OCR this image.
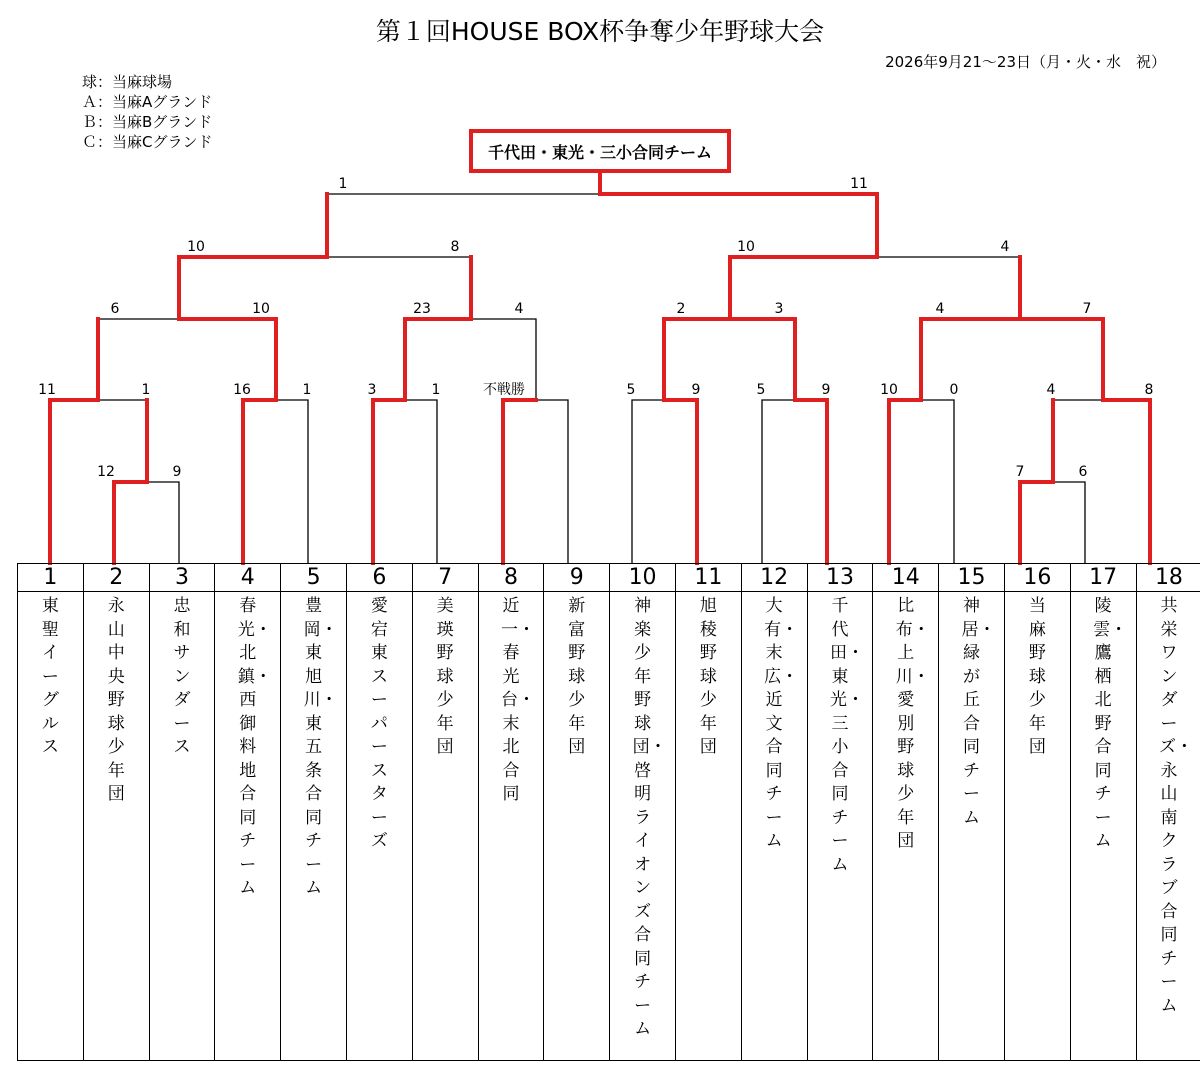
第１回HOUSE BOX杯争奪少年野球大会
2026年9月21～23日（月・火・水　祝）
球：当麻球場
Ａ：当麻Aグランド
Ｂ：当麻Bグランド
Ｃ：当麻Cグランド
千代田・東光・三小合同チーム
12	9	7	6
11	1	16	1	3	1	不戦勝	5	9	5	9	10	0	4	8
6	10	23	4	2	3	4	7
10	8	10	4
1	11
1	2	3	4	5	6	7	8	9	10	11	12	13	14	15	16	17	18
東聖イーグルス	永山中央野球少年団	忠和サンダース	春光・北鎮・西御料地合同チーム	豊岡・東旭川・東五条合同チーム	愛宕東スーパースターズ	美瑛野球少年団	近一・春光台・末北合同	新富野球少年団	神楽少年野球団・啓明ライオンズ合同チーム	旭稜野球少年団	大有・末広・近文合同チーム	千代田・東光・三小合同チーム	比布・上川・愛別野球少年団	神居・緑が丘合同チーム	当麻野球少年団	陵雲・鷹栖北野合同チーム	共栄ワンダーズ・永山南クラブ合同チーム
